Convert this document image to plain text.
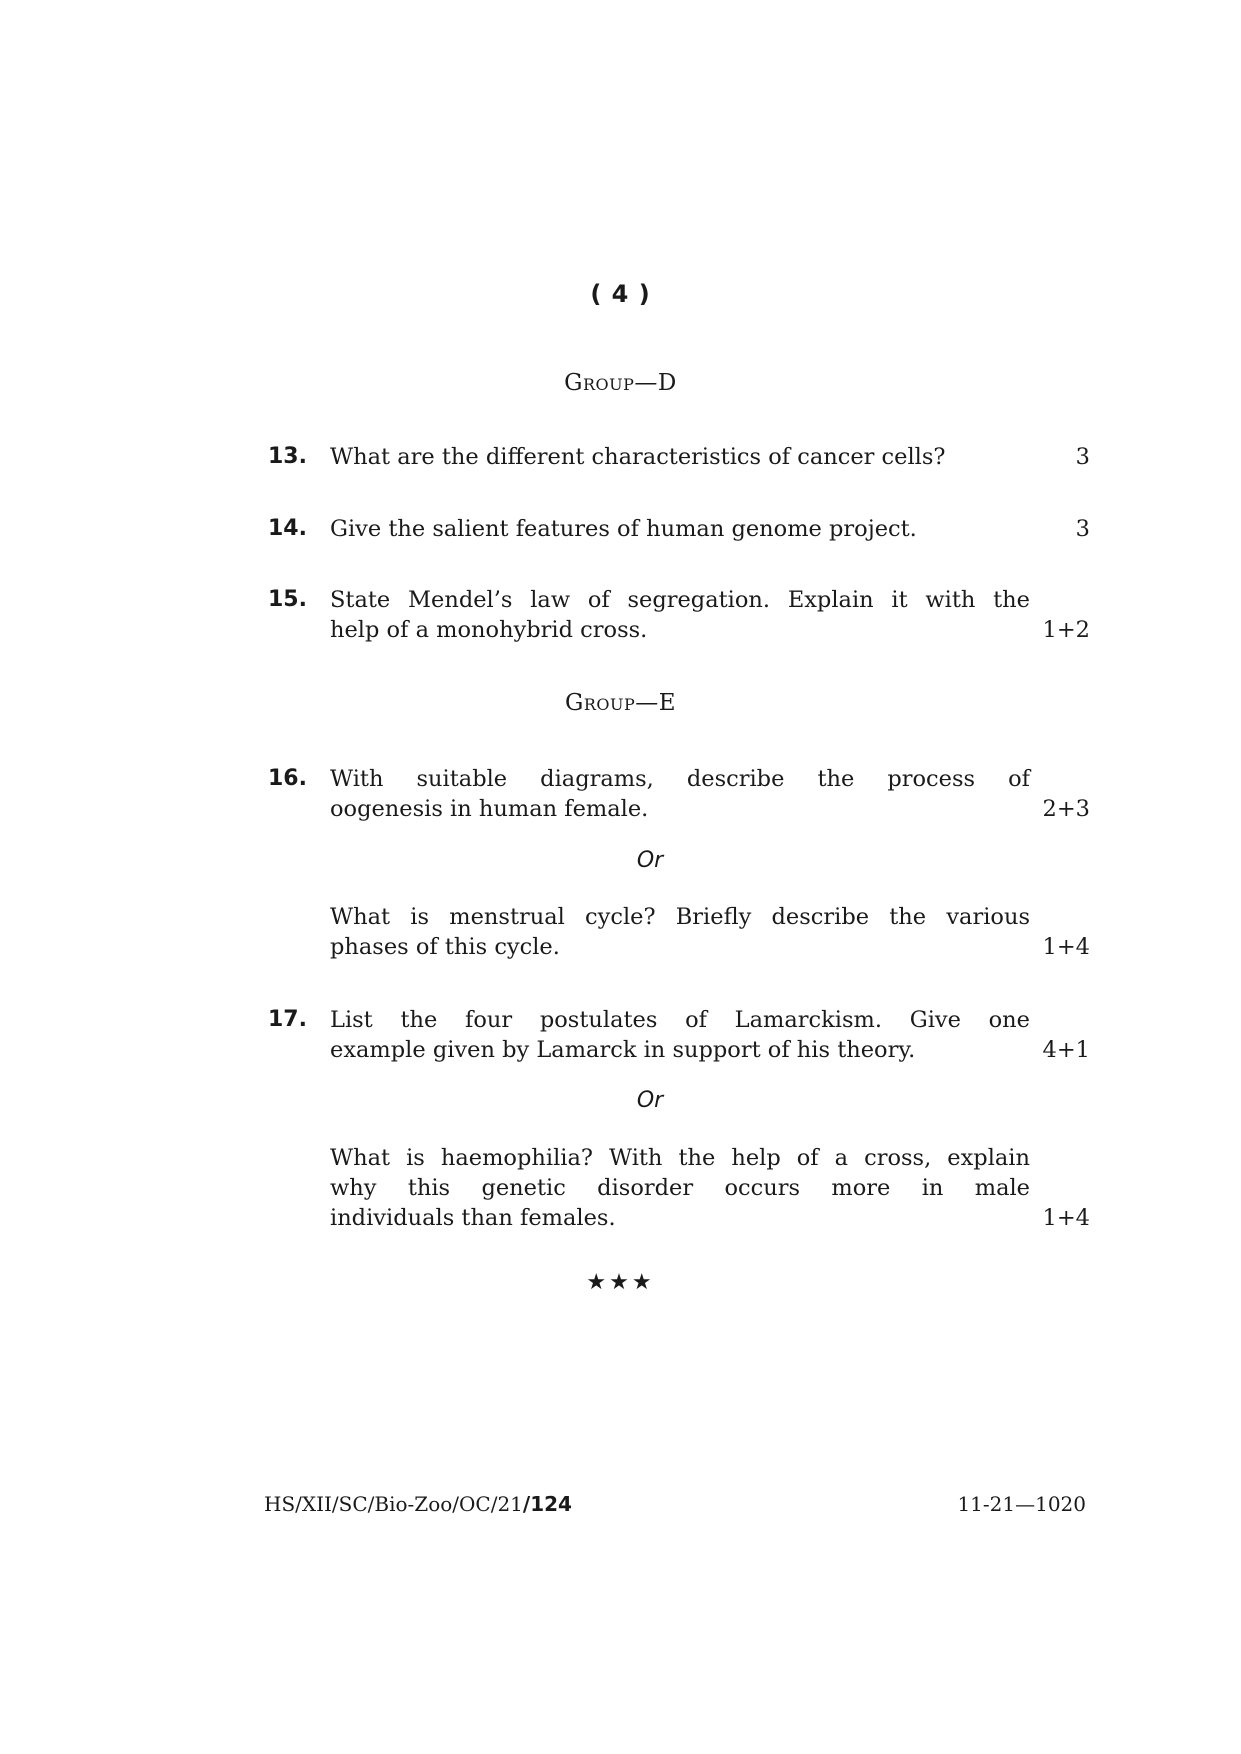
( 4 )
Group—D
13. What are the different characteristics of cancer cells?	3
14. Give the salient features of human genome project.	3
15. State Mendel’s law of segregation. Explain it with the
help of a monohybrid cross.	1+2
Group—E
16. With suitable diagrams, describe the process of
oogenesis in human female.	2+3
Or
What is menstrual cycle? Briefly describe the various
phases of this cycle.	1+4
17. List the four postulates of Lamarckism. Give one
example given by Lamarck in support of his theory.	4+1
Or
What is haemophilia? With the help of a cross, explain
why this genetic disorder occurs more in male
individuals than females.	1+4
★★★
HS/XII/SC/Bio-Zoo/OC/21/124	11-21—1020
